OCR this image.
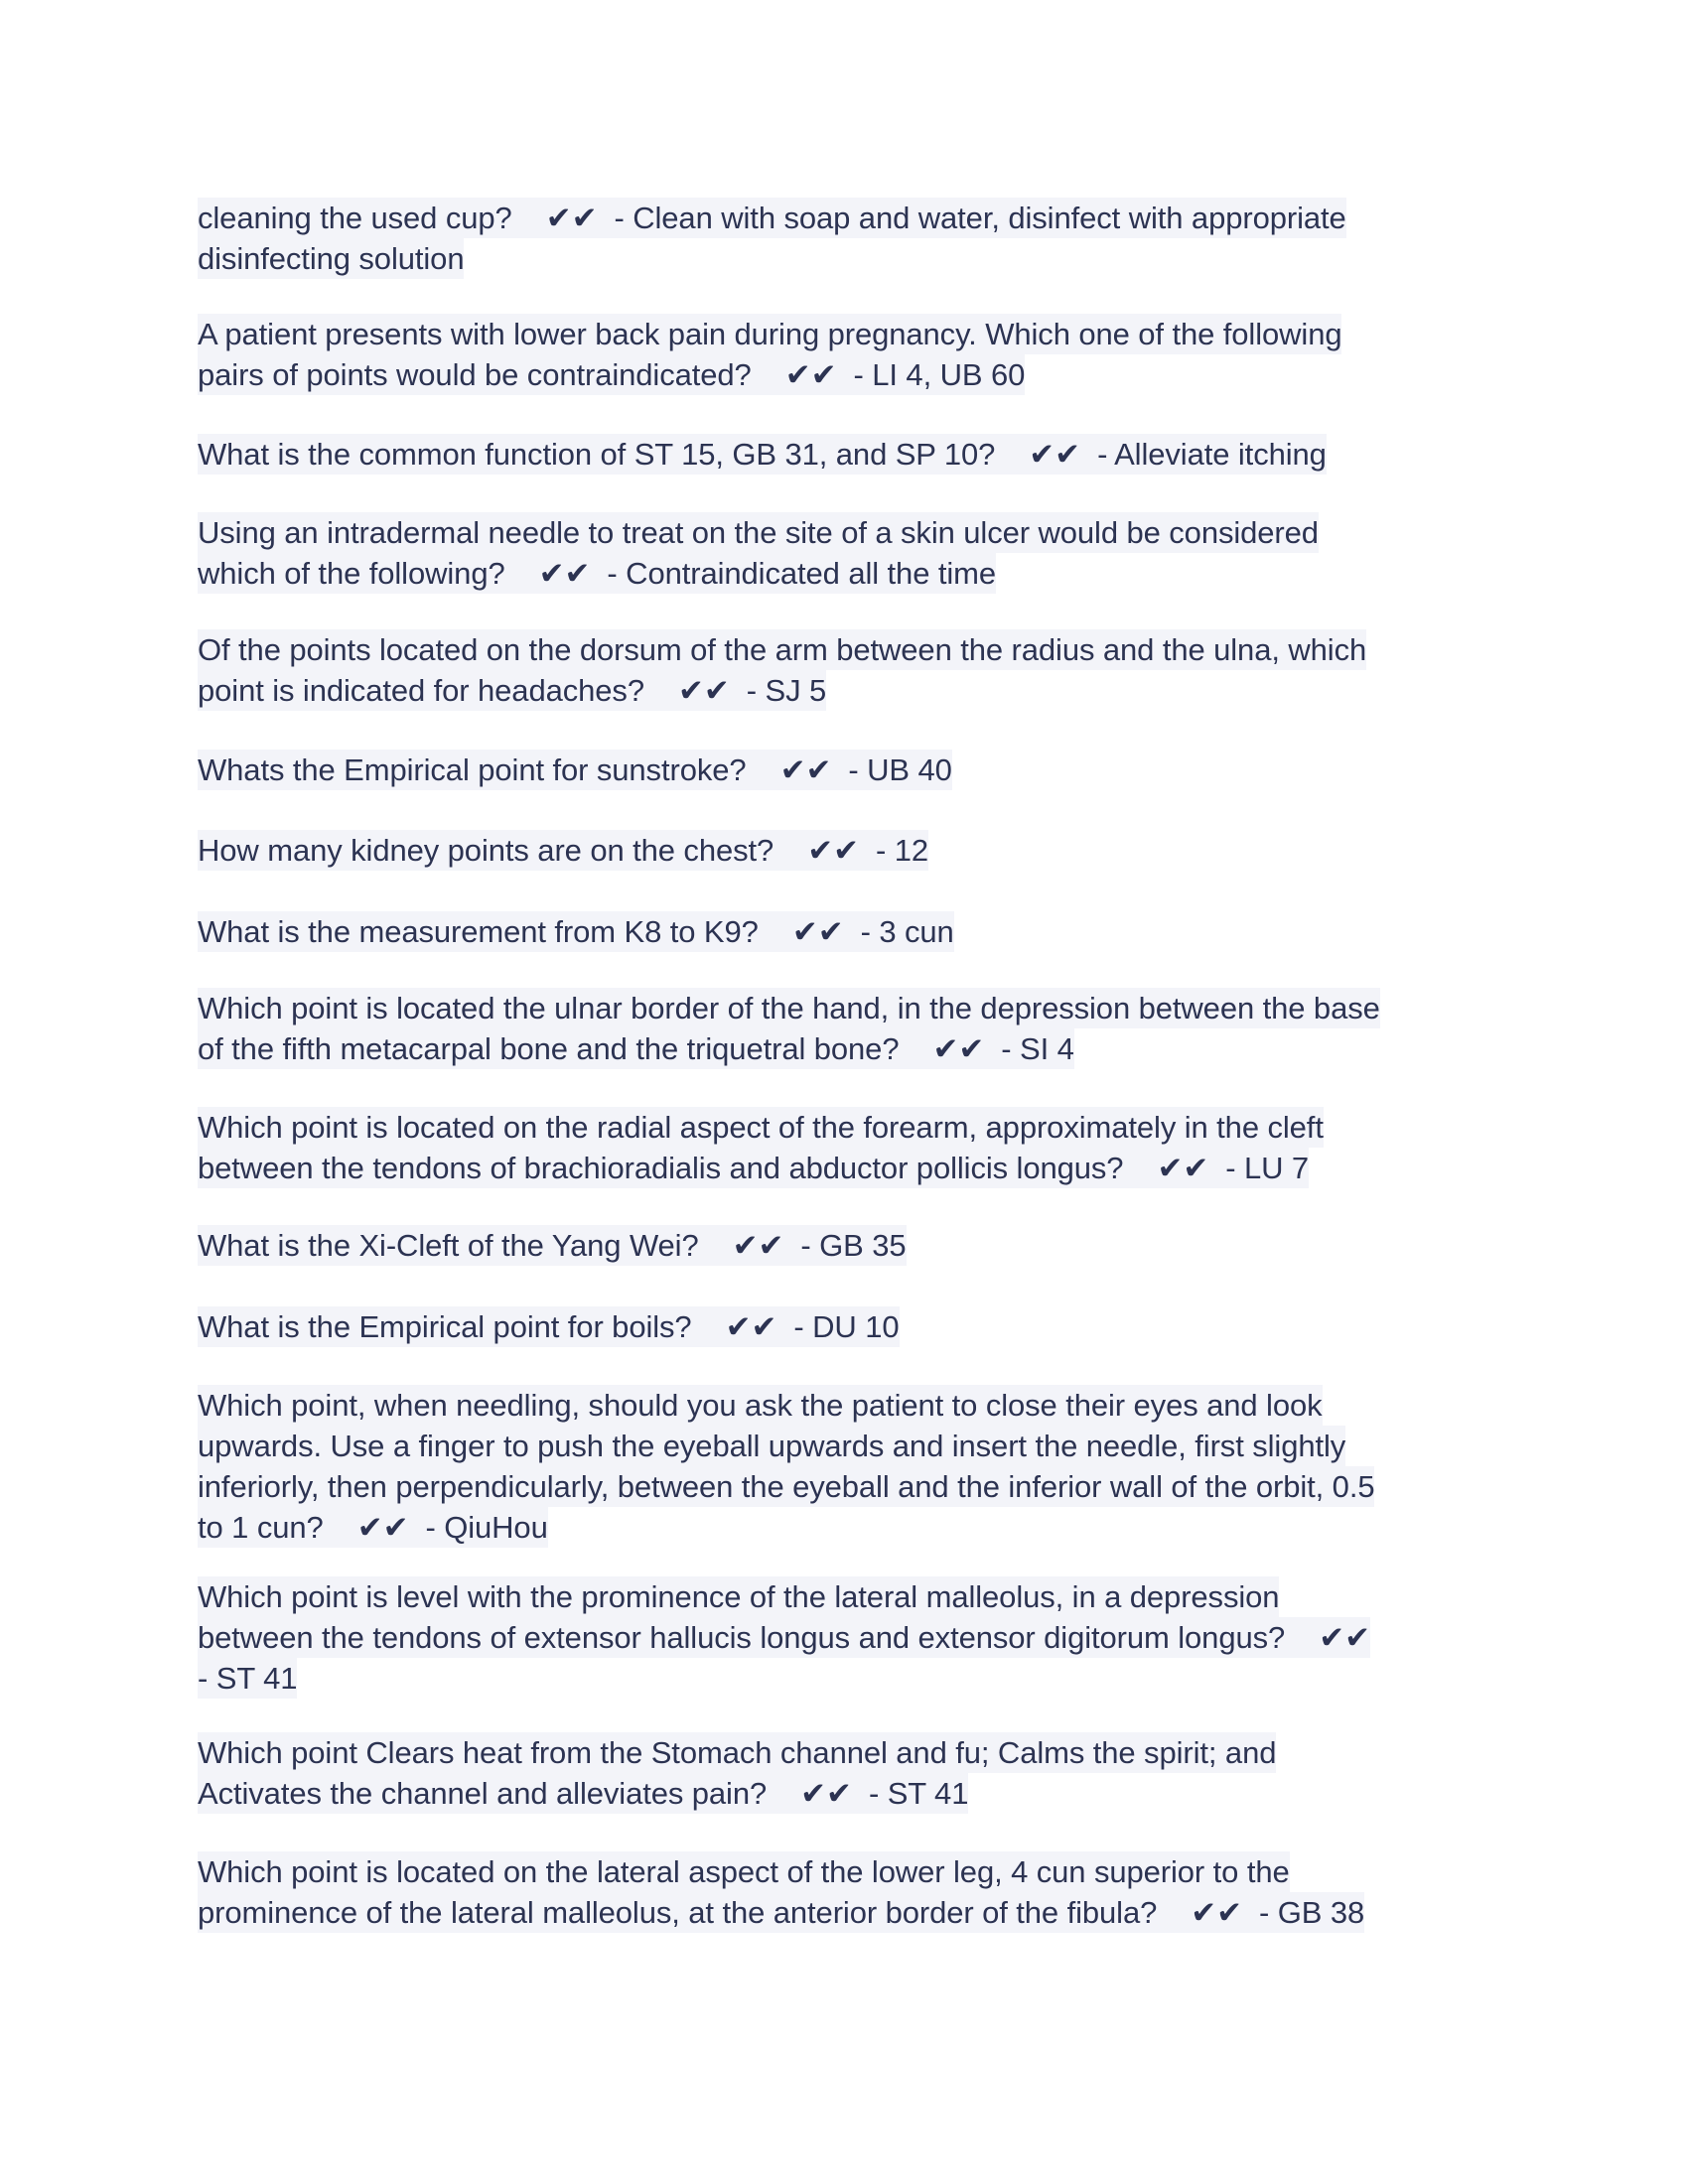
cleaning the used cup?    ✔✔  - Clean with soap and water, disinfect with appropriate
disinfecting solution
A patient presents with lower back pain during pregnancy. Which one of the following
pairs of points would be contraindicated?    ✔✔  - LI 4, UB 60
What is the common function of ST 15, GB 31, and SP 10?    ✔✔  - Alleviate itching
Using an intradermal needle to treat on the site of a skin ulcer would be considered
which of the following?    ✔✔  - Contraindicated all the time
Of the points located on the dorsum of the arm between the radius and the ulna, which
point is indicated for headaches?    ✔✔  - SJ 5
Whats the Empirical point for sunstroke?    ✔✔  - UB 40
How many kidney points are on the chest?    ✔✔  - 12
What is the measurement from K8 to K9?    ✔✔  - 3 cun
Which point is located the ulnar border of the hand, in the depression between the base
of the fifth metacarpal bone and the triquetral bone?    ✔✔  - SI 4
Which point is located on the radial aspect of the forearm, approximately in the cleft
between the tendons of brachioradialis and abductor pollicis longus?    ✔✔  - LU 7
What is the Xi-Cleft of the Yang Wei?    ✔✔  - GB 35
What is the Empirical point for boils?    ✔✔  - DU 10
Which point, when needling, should you ask the patient to close their eyes and look
upwards. Use a finger to push the eyeball upwards and insert the needle, first slightly
inferiorly, then perpendicularly, between the eyeball and the inferior wall of the orbit, 0.5
to 1 cun?    ✔✔  - QiuHou
Which point is level with the prominence of the lateral malleolus, in a depression
between the tendons of extensor hallucis longus and extensor digitorum longus?    ✔✔
- ST 41
Which point Clears heat from the Stomach channel and fu; Calms the spirit; and
Activates the channel and alleviates pain?    ✔✔  - ST 41
Which point is located on the lateral aspect of the lower leg, 4 cun superior to the
prominence of the lateral malleolus, at the anterior border of the fibula?    ✔✔  - GB 38
